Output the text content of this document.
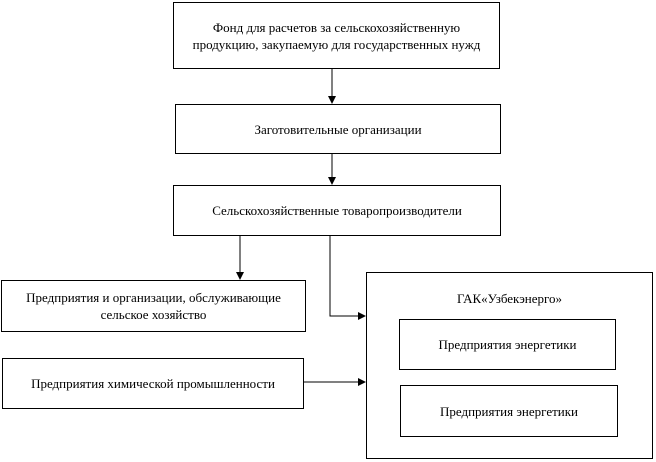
Фонд для расчетов за сельскохозяйственную продукцию, закупаемую для государственных нужд
Заготовительные организации
Сельскохозяйственные товаропроизводители
Предприятия и организации, обслуживающие сельское хозяйство
Предприятия химической промышленности
ГАК«Узбекэнерго»
Предприятия энергетики
Предприятия энергетики
